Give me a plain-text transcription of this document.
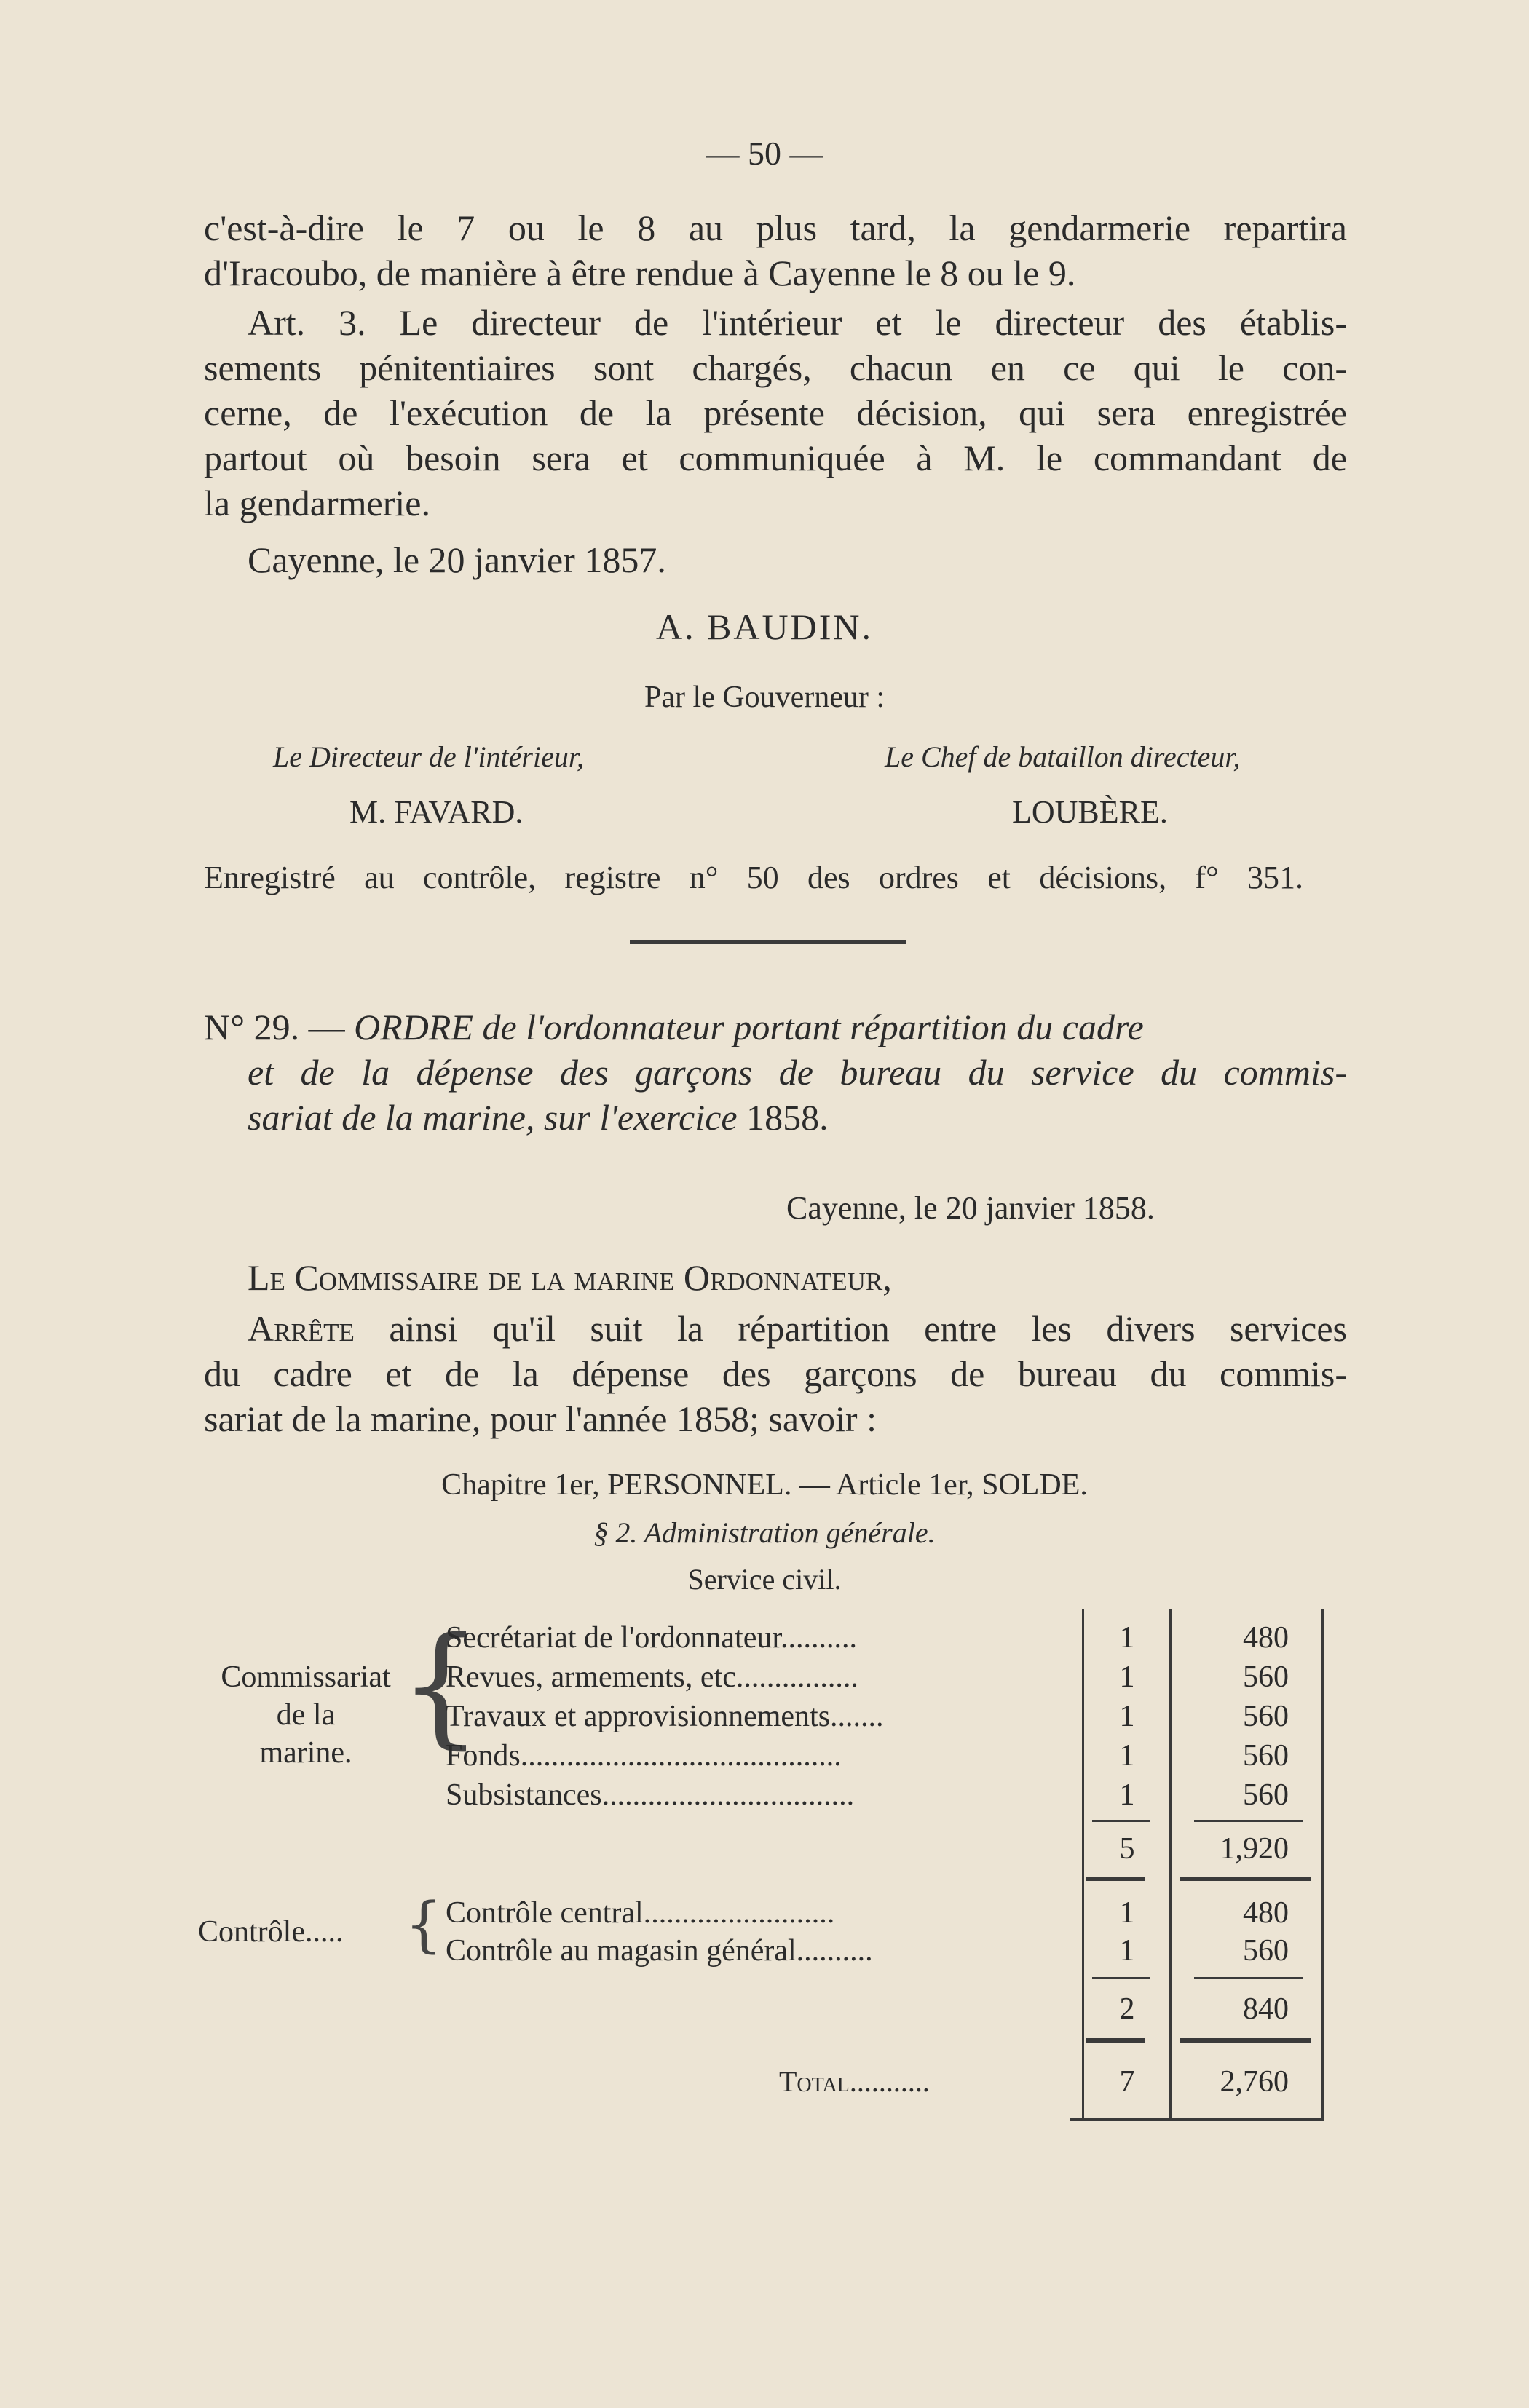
— 50 —
c'est-à-dire le 7 ou le 8 au plus tard, la gendarmerie repartira
d'Iracoubo, de manière à être rendue à Cayenne le 8 ou le 9.
Art. 3. Le directeur de l'intérieur et le directeur des établis-
sements pénitentiaires sont chargés, chacun en ce qui le con-
cerne, de l'exécution de la présente décision, qui sera enregistrée
partout où besoin sera et communiquée à M. le commandant de
la gendarmerie.
Cayenne, le 20 janvier 1857.
A. BAUDIN.
Par le Gouverneur :
Le Directeur de l'intérieur,	Le Chef de bataillon directeur,
M. FAVARD.	LOUBÈRE.
Enregistré au contrôle, registre n° 50 des ordres et décisions, f° 351.
N° 29. — ORDRE de l'ordonnateur portant répartition du cadre
et de la dépense des garçons de bureau du service du commis-
sariat de la marine, sur l'exercice 1858.
Cayenne, le 20 janvier 1858.
Le Commissaire de la marine Ordonnateur,
Arrête ainsi qu'il suit la répartition entre les divers services
du cadre et de la dépense des garçons de bureau du commis-
sariat de la marine, pour l'année 1858; savoir :
Chapitre 1er, PERSONNEL. — Article 1er, SOLDE.
§ 2. Administration générale.
Service civil.
Commissariat
de la
marine. {
Secrétariat de l'ordonnateur..........	1	480
Revues, armements, etc................	1	560
Travaux et approvisionnements.......	1	560
Fonds..........................................	1	560
Subsistances.................................	1	560
5	1,920
Contrôle..... { Contrôle central.........................	1	480
Contrôle au magasin général..........	1	560
2	840
Total...........	7	2,760
